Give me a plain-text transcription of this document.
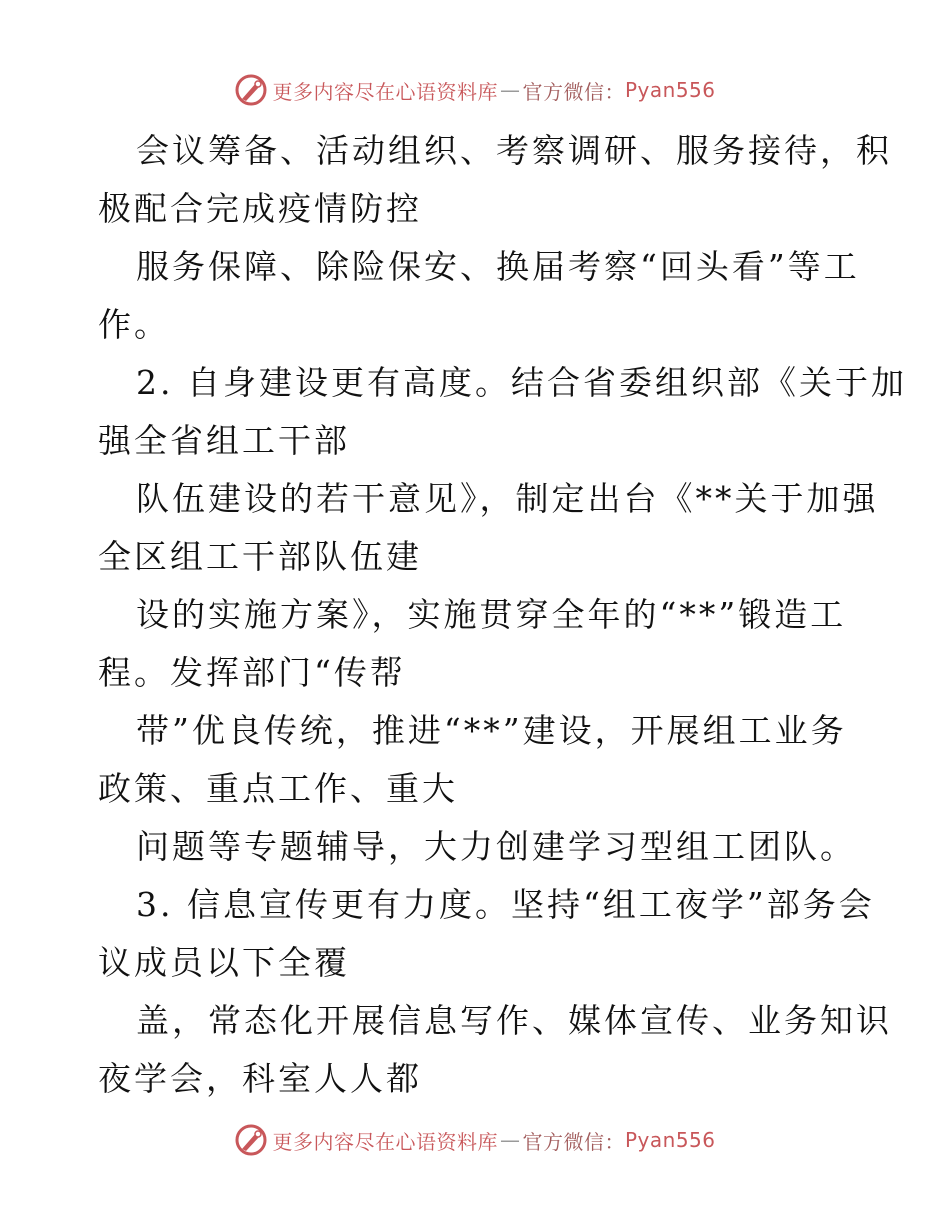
更多内容尽在心语资料库 — 官方微信： Pyan556
会议筹备、活动组织、考察调研、服务接待，积
极配合完成疫情防控
服务保障、除险保安、换届考察“回头看”等工
作。
2. 自身建设更有高度。结合省委组织部《关于加
强全省组工干部
队伍建设的若干意见》，制定出台《**关于加强
全区组工干部队伍建
设的实施方案》，实施贯穿全年的“**”锻造工
程。发挥部门“传帮
带”优良传统，推进“**”建设，开展组工业务
政策、重点工作、重大
问题等专题辅导，大力创建学习型组工团队。
3. 信息宣传更有力度。坚持“组工夜学”部务会
议成员以下全覆
盖，常态化开展信息写作、媒体宣传、业务知识
夜学会，科室人人都
更多内容尽在心语资料库 — 官方微信： Pyan556
